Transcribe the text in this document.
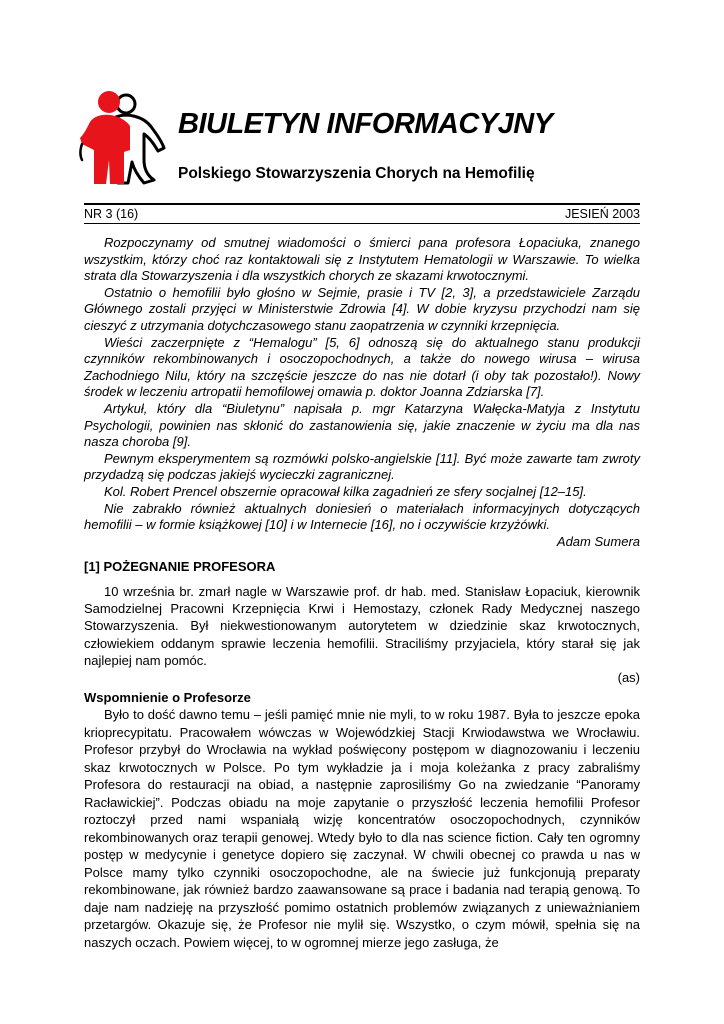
BIULETYN INFORMACYJNY
Polskiego Stowarzyszenia Chorych na Hemofilię
NR 3 (16)	JESIEŃ 2003

Rozpoczynamy od smutnej wiadomości o śmierci pana profesora Łopaciuka, znanego wszystkim, którzy choć raz kontaktowali się z Instytutem Hematologii w Warszawie. To wielka strata dla Stowarzyszenia i dla wszystkich chorych ze skazami krwotocznymi.

Ostatnio o hemofilii było głośno w Sejmie, prasie i TV [2, 3], a przedstawiciele Zarządu Głównego zostali przyjęci w Ministerstwie Zdrowia [4]. W dobie kryzysu przychodzi nam się cieszyć z utrzymania dotychczasowego stanu zaopatrzenia w czynniki krzepnięcia.

Wieści zaczerpnięte z “Hemalogu” [5, 6] odnoszą się do aktualnego stanu produkcji czynników rekombinowanych i osoczopochodnych, a także do nowego wirusa – wirusa Zachodniego Nilu, który na szczęście jeszcze do nas nie dotarł (i oby tak pozostało!). Nowy środek w leczeniu artropatii hemofilowej omawia p. doktor Joanna Zdziarska [7].

Artykuł, który dla “Biuletynu” napisała p. mgr Katarzyna Wałęcka-Matyja z Instytutu Psychologii, powinien nas skłonić do zastanowienia się, jakie znaczenie w życiu ma dla nas nasza choroba [9].

Pewnym eksperymentem są rozmówki polsko-angielskie [11]. Być może zawarte tam zwroty przydadzą się podczas jakiejś wycieczki zagranicznej.

Kol. Robert Prencel obszernie opracował kilka zagadnień ze sfery socjalnej [12–15].

Nie zabrakło również aktualnych doniesień o materiałach informacyjnych dotyczących hemofilii – w formie książkowej [10] i w Internecie [16], no i oczywiście krzyżówki.

Adam Sumera

[1] POŻEGNANIE PROFESORA

10 września br. zmarł nagle w Warszawie prof. dr hab. med. Stanisław Łopaciuk, kierownik Samodzielnej Pracowni Krzepnięcia Krwi i Hemostazy, członek Rady Medycznej naszego Stowarzyszenia. Był niekwestionowanym autorytetem w dziedzinie skaz krwotocznych, człowiekiem oddanym sprawie leczenia hemofilii. Straciliśmy przyjaciela, który starał się jak najlepiej nam pomóc.

(as)

Wspomnienie o Profesorze

Było to dość dawno temu – jeśli pamięć mnie nie myli, to w roku 1987. Była to jeszcze epoka krioprecypitatu. Pracowałem wówczas w Wojewódzkiej Stacji Krwiodawstwa we Wrocławiu. Profesor przybył do Wrocławia na wykład poświęcony postępom w diagnozowaniu i leczeniu skaz krwotocznych w Polsce. Po tym wykładzie ja i moja koleżanka z pracy zabraliśmy Profesora do restauracji na obiad, a następnie zaprosiliśmy Go na zwiedzanie “Panoramy Racławickiej”. Podczas obiadu na moje zapytanie o przyszłość leczenia hemofilii Profesor roztoczył przed nami wspaniałą wizję koncentratów osoczopochodnych, czynników rekombinowanych oraz terapii genowej. Wtedy było to dla nas science fiction. Cały ten ogromny postęp w medycynie i genetyce dopiero się zaczynał. W chwili obecnej co prawda u nas w Polsce mamy tylko czynniki osoczopochodne, ale na świecie już funkcjonują preparaty rekombinowane, jak również bardzo zaawansowane są prace i badania nad terapią genową. To daje nam nadzieję na przyszłość pomimo ostatnich problemów związanych z unieważnianiem przetargów. Okazuje się, że Profesor nie mylił się. Wszystko, o czym mówił, spełnia się na naszych oczach. Powiem więcej, to w ogromnej mierze jego zasługa, że
